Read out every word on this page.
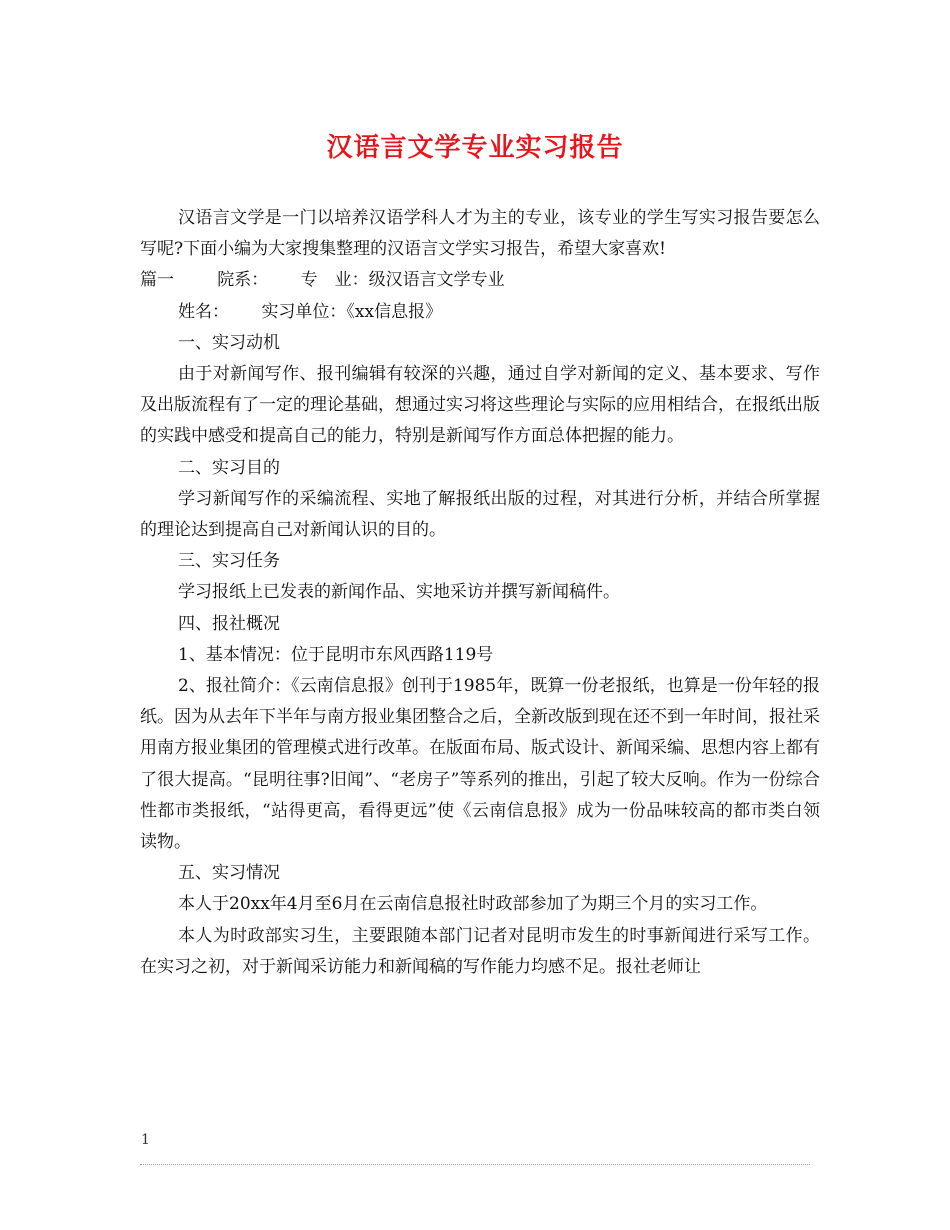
汉语言文学专业实习报告

汉语言文学是一门以培养汉语学科人才为主的专业，该专业的学生写实习报告要怎么写呢?下面小编为大家搜集整理的汉语言文学实习报告，希望大家喜欢!

篇一	院系： 专　业：级汉语言文学专业

姓名： 实习单位：《xx信息报》

一、实习动机

由于对新闻写作、报刊编辑有较深的兴趣，通过自学对新闻的定义、基本要求、写作及出版流程有了一定的理论基础，想通过实习将这些理论与实际的应用相结合，在报纸出版的实践中感受和提高自己的能力，特别是新闻写作方面总体把握的能力。

二、实习目的

学习新闻写作的采编流程、实地了解报纸出版的过程，对其进行分析，并结合所掌握的理论达到提高自己对新闻认识的目的。

三、实习任务

学习报纸上已发表的新闻作品、实地采访并撰写新闻稿件。

四、报社概况

1、基本情况：位于昆明市东风西路119号

2、报社简介：《云南信息报》创刊于1985年，既算一份老报纸，也算是一份年轻的报纸。因为从去年下半年与南方报业集团整合之后，全新改版到现在还不到一年时间，报社采用南方报业集团的管理模式进行改革。在版面布局、版式设计、新闻采编、思想内容上都有了很大提高。“昆明往事?旧闻”、“老房子”等系列的推出，引起了较大反响。作为一份综合性都市类报纸，“站得更高，看得更远”使《云南信息报》成为一份品味较高的都市类白领读物。

五、实习情况

本人于20xx年4月至6月在云南信息报社时政部参加了为期三个月的实习工作。

本人为时政部实习生，主要跟随本部门记者对昆明市发生的时事新闻进行采写工作。在实习之初，对于新闻采访能力和新闻稿的写作能力均感不足。报社老师让

1
